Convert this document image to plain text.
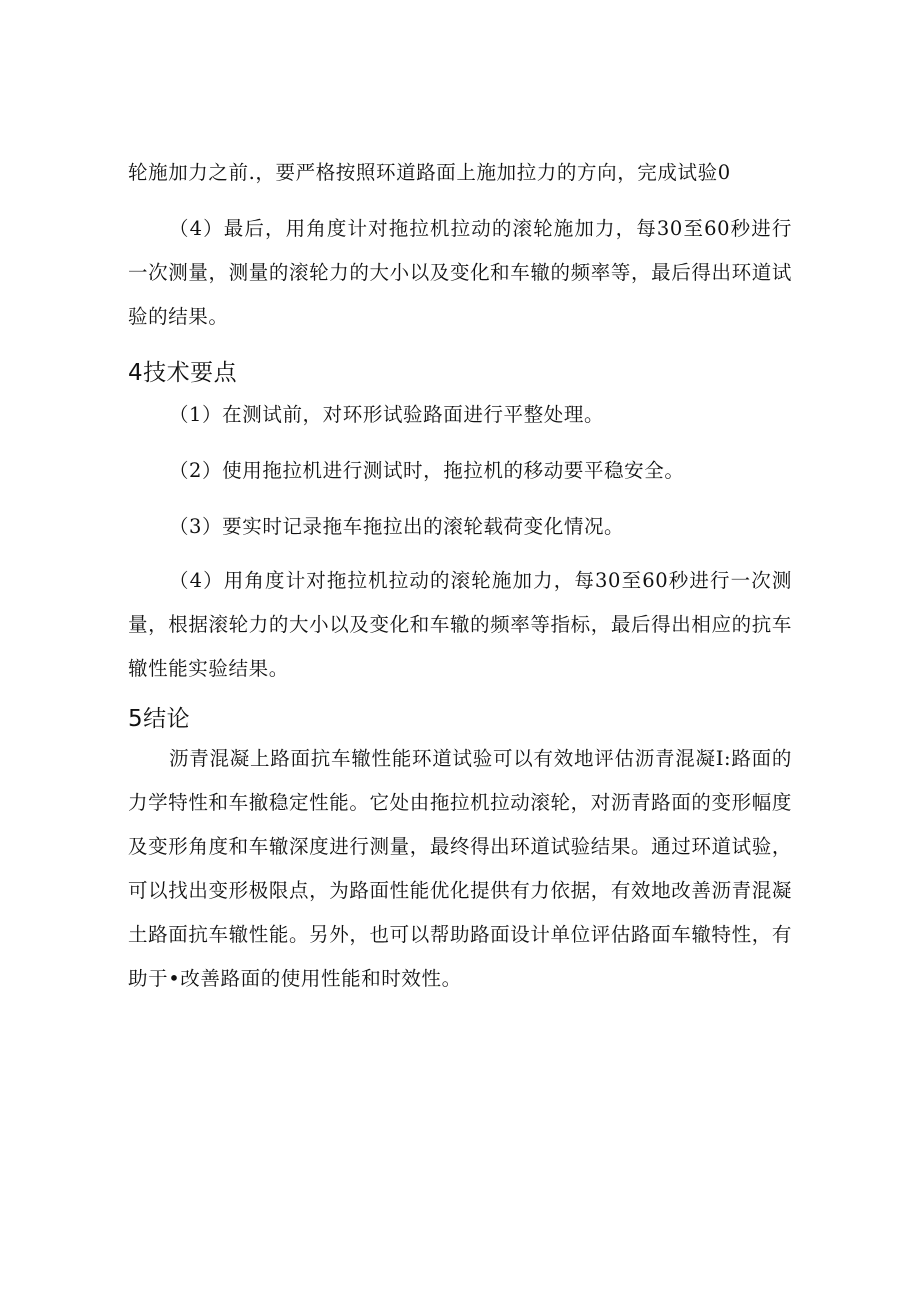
轮施加力之前.，要严格按照环道路面上施加拉力的方向，完成试验0

（4）最后，用角度计对拖拉机拉动的滚轮施加力，每30至60秒进行一次测量，测量的滚轮力的大小以及变化和车辙的频率等，最后得出环道试验的结果。

4技术要点

（1）在测试前，对环形试验路面进行平整处理。

（2）使用拖拉机进行测试时，拖拉机的移动要平稳安全。

（3）要实时记录拖车拖拉出的滚轮载荷变化情况。

（4）用角度计对拖拉机拉动的滚轮施加力，每30至60秒进行一次测量，根据滚轮力的大小以及变化和车辙的频率等指标，最后得出相应的抗车辙性能实验结果。

5结论

沥青混凝上路面抗车辙性能环道试验可以有效地评估沥青混凝I:路面的力学特性和车撤稳定性能。它处由拖拉机拉动滚轮，对沥青路面的变形幅度及变形角度和车辙深度进行测量，最终得出环道试验结果。通过环道试验，可以找出变形极限点，为路面性能优化提供有力依据，有效地改善沥青混凝土路面抗车辙性能。另外，也可以帮助路面设计单位评估路面车辙特性，有助于•改善路面的使用性能和时效性。
